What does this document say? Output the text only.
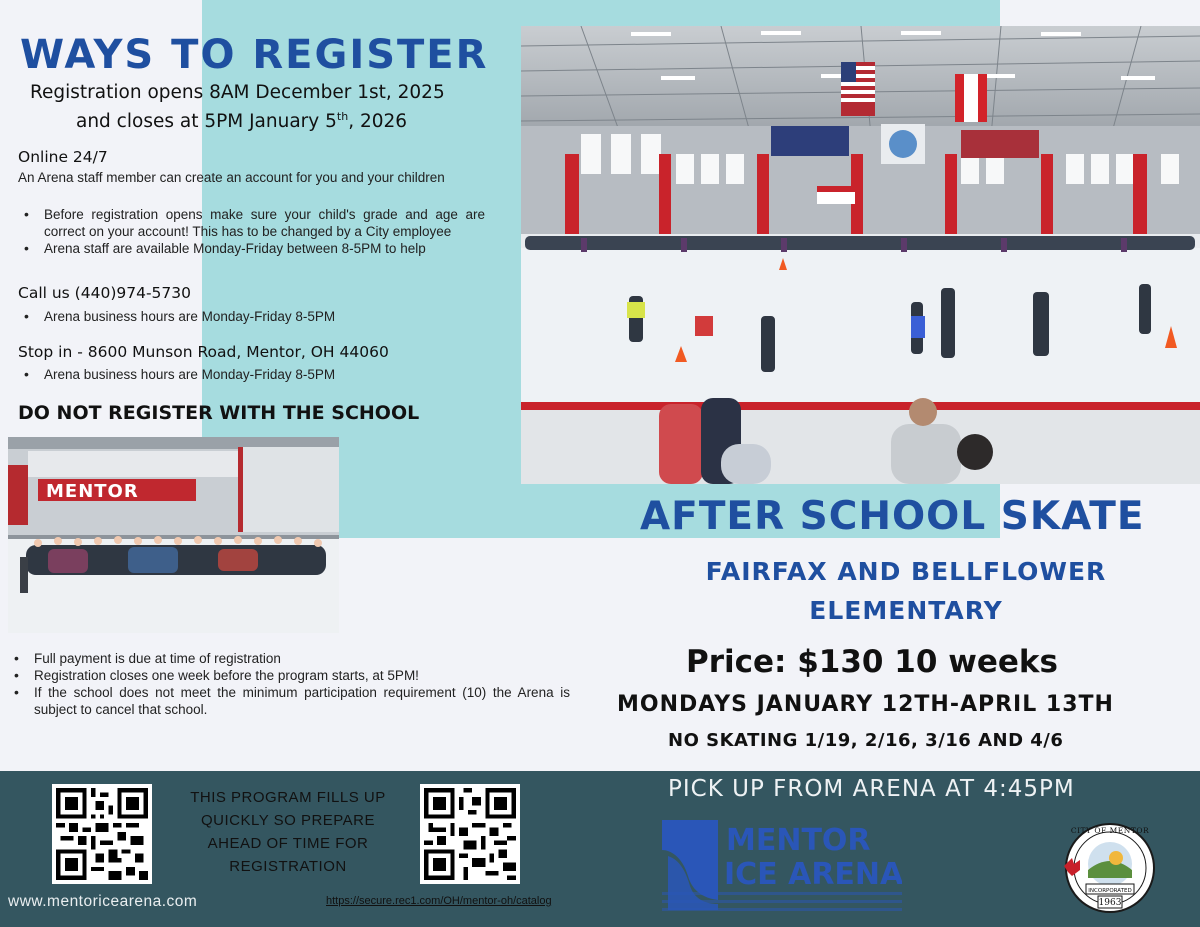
WAYS TO REGISTER
Registration opens 8AM December 1st, 2025
and closes at 5PM January 5th, 2026
Online 24/7
An Arena staff member can create an account for you and your children
• Before registration opens make sure your child's grade and age are correct on your account! This has to be changed by a City employee
• Arena staff are available Monday-Friday between 8-5PM to help
Call us (440)974-5730
• Arena business hours are Monday-Friday 8-5PM
Stop in - 8600 Munson Road, Mentor, OH 44060
• Arena business hours are Monday-Friday 8-5PM
DO NOT REGISTER WITH THE SCHOOL
MENTOR
• Full payment is due at time of registration
• Registration closes one week before the program starts, at 5PM!
• If the school does not meet the minimum participation requirement (10) the Arena is subject to cancel that school.
AFTER SCHOOL SKATE
FAIRFAX AND BELLFLOWER
ELEMENTARY
Price: $130 10 weeks
MONDAYS JANUARY 12TH-APRIL 13TH
NO SKATING 1/19, 2/16, 3/16 AND 4/6
THIS PROGRAM FILLS UP QUICKLY SO PREPARE AHEAD OF TIME FOR REGISTRATION
www.mentoricearena.com	https://secure.rec1.com/OH/mentor-oh/catalog
PICK UP FROM ARENA AT 4:45PM
MENTOR
ICE ARENA	INCORPORATED
1963
CITY OF MENTOR
